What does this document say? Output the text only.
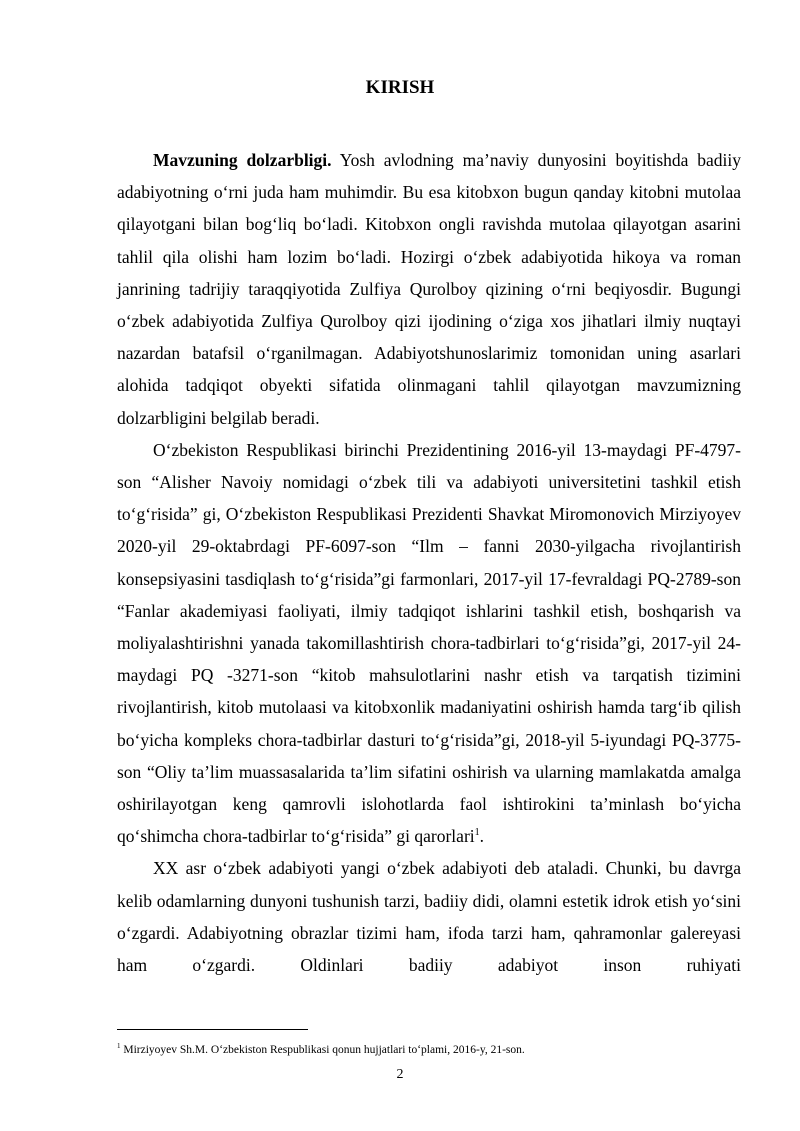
KIRISH

Mavzuning dolzarbligi. Yosh avlodning ma’naviy dunyosini boyitishda badiiy adabiyotning o‘rni juda ham muhimdir. Bu esa kitobxon bugun qanday kitobni mutolaa qilayotgani bilan bog‘liq bo‘ladi. Kitobxon ongli ravishda mutolaa qilayotgan asarini tahlil qila olishi ham lozim bo‘ladi. Hozirgi o‘zbek adabiyotida hikoya va roman janrining tadrijiy taraqqiyotida Zulfiya Qurolboy qizining o‘rni beqiyosdir. Bugungi o‘zbek adabiyotida Zulfiya Qurolboy qizi ijodining o‘ziga xos jihatlari ilmiy nuqtayi nazardan batafsil o‘rganilmagan. Adabiyotshunoslarimiz tomonidan uning asarlari alohida tadqiqot obyekti sifatida olinmagani tahlil qilayotgan mavzumizning dolzarbligini belgilab beradi.

O‘zbekiston Respublikasi birinchi Prezidentining 2016-yil 13-maydagi PF-4797-son “Alisher Navoiy nomidagi o‘zbek tili va adabiyoti universitetini tashkil etish to‘g‘risida” gi, O‘zbekiston Respublikasi Prezidenti Shavkat Miromonovich Mirziyoyev 2020-yil 29-oktabrdagi PF-6097-son “Ilm – fanni 2030-yilgacha rivojlantirish konsepsiyasini tasdiqlash to‘g‘risida”gi farmonlari, 2017-yil 17-fevraldagi PQ-2789-son “Fanlar akademiyasi faoliyati, ilmiy tadqiqot ishlarini tashkil etish, boshqarish va moliyalashtirishni yanada takomillashtirish chora-tadbirlari to‘g‘risida”gi, 2017-yil 24-maydagi PQ -3271-son “kitob mahsulotlarini nashr etish va tarqatish tizimini rivojlantirish, kitob mutolaasi va kitobxonlik madaniyatini oshirish hamda targ‘ib qilish bo‘yicha kompleks chora-tadbirlar dasturi to‘g‘risida”gi, 2018-yil 5-iyundagi PQ-3775-son “Oliy ta’lim muassasalarida ta’lim sifatini oshirish va ularning mamlakatda amalga oshirilayotgan keng qamrovli islohotlarda faol ishtirokini ta’minlash bo‘yicha qo‘shimcha chora-tadbirlar to‘g‘risida” gi qarorlari$^1$.

XX asr o‘zbek adabiyoti yangi o‘zbek adabiyoti deb ataladi. Chunki, bu davrga kelib odamlarning dunyoni tushunish tarzi, badiiy didi, olamni estetik idrok etish yo‘sini o‘zgardi. Adabiyotning obrazlar tizimi ham, ifoda tarzi ham, qahramonlar galereyasi ham o‘zgardi. Oldinlari badiiy adabiyot inson ruhiyati

$^1$ Mirziyoyev Sh.M. O‘zbekiston Respublikasi qonun hujjatlari to‘plami, 2016-y, 21-son.
2
